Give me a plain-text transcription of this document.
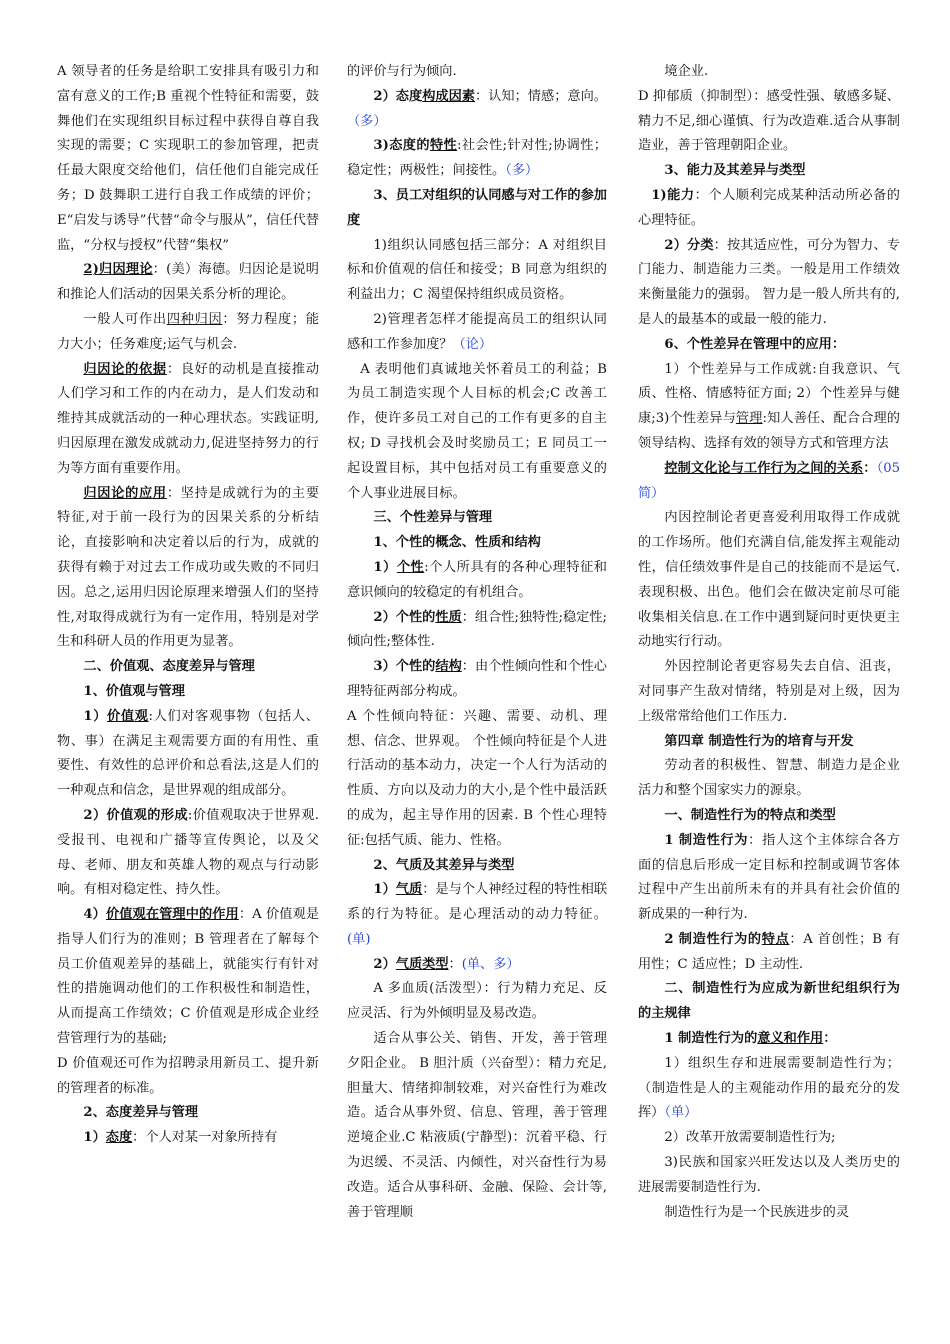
A 领导者的任务是给职工安排具有吸引力和富有意义的工作;B 重视个性特征和需要，鼓舞他们在实现组织目标过程中获得自尊自我实现的需要；C 实现职工的参加管理，把责任最大限度交给他们，信任他们自能完成任务；D 鼓舞职工进行自我工作成绩的评价；E“启发与诱导”代替“命令与服从”，信任代替监，“分权与授权”代替“集权”

2)归因理论：(美）海德。归因论是说明和推论人们活动的因果关系分析的理论。

一般人可作出四种归因：努力程度；能力大小；任务难度;运气与机会.

归因论的依据：良好的动机是直接推动人们学习和工作的内在动力，是人们发动和维持其成就活动的一种心理状态。实践证明,归因原理在激发成就动力,促进坚持努力的行为等方面有重要作用。

归因论的应用：坚持是成就行为的主要特征,对于前一段行为的因果关系的分析结论，直接影响和决定着以后的行为，成就的获得有赖于对过去工作成功或失败的不同归因。总之,运用归因论原理来增强人们的坚持性,对取得成就行为有一定作用，特别是对学生和科研人员的作用更为显著。

二、价值观、态度差异与管理

1、价值观与管理

1）价值观:人们对客观事物（包括人、物、事）在满足主观需要方面的有用性、重要性、有效性的总评价和总看法,这是人们的一种观点和信念，是世界观的组成部分。

2）价值观的形成:价值观取决于世界观.受报刊、电视和广播等宣传舆论，以及父母、老师、朋友和英雄人物的观点与行动影响。有相对稳定性、持久性。

4）价值观在管理中的作用：A 价值观是指导人们行为的准则；B 管理者在了解每个员工价值观差异的基础上，就能实行有针对性的措施调动他们的工作积极性和制造性，从而提高工作绩效；C 价值观是形成企业经营管理行为的基础;

D 价值观还可作为招聘录用新员工、提升新的管理者的标准。

2、态度差异与管理

1）态度：个人对某一对象所持有

的评价与行为倾向.

2）态度构成因素：认知；情感；意向。（多）

3)态度的特性:社会性;针对性;协调性；稳定性；两极性；间接性。（多）

3、员工对组织的认同感与对工作的参加度

1)组织认同感包括三部分：A 对组织目标和价值观的信任和接受；B 同意为组织的利益出力；C 渴望保持组织成员资格。

2)管理者怎样才能提高员工的组织认同感和工作参加度？（论）

A 表明他们真诚地关怀着员工的利益；B 为员工制造实现个人目标的机会;C 改善工作，使许多员工对自己的工作有更多的自主权; D 寻找机会及时奖励员工；E 同员工一起设置目标，其中包括对员工有重要意义的个人事业进展目标。

三、个性差异与管理

1、个性的概念、性质和结构

1）个性:个人所具有的各种心理特征和意识倾向的较稳定的有机组合。

2）个性的性质：组合性;独特性;稳定性;倾向性;整体性.

3）个性的结构：由个性倾向性和个性心理特征两部分构成。

A 个性倾向特征：兴趣、需要、动机、理想、信念、世界观。 个性倾向特征是个人进行活动的基本动力，决定一个人行为活动的性质、方向以及动力的大小,是个性中最活跃的成为，起主导作用的因素. B 个性心理特征:包括气质、能力、性格。

2、气质及其差异与类型

1）气质：是与个人神经过程的特性相联系的行为特征。是心理活动的动力特征。(单)

2）气质类型：(单、多）

A 多血质(活泼型）：行为精力充足、反应灵活、行为外倾明显及易改造。

适合从事公关、销售、开发，善于管理夕阳企业。 B 胆汁质（兴奋型）：精力充足,胆量大、情绪抑制较难，对兴奋性行为难改造。适合从事外贸、信息、管理，善于管理逆境企业.C 粘液质(宁静型)：沉着平稳、行为迟缓、不灵活、内倾性，对兴奋性行为易改造。适合从事科研、金融、保险、会计等,善于管理顺

境企业.

D 抑郁质（抑制型）：感受性强、敏感多疑、精力不足,细心谨慎、行为改造难.适合从事制造业，善于管理朝阳企业。

3、能力及其差异与类型

1)能力：个人顺利完成某种活动所必备的心理特征。

2）分类：按其适应性，可分为智力、专门能力、制造能力三类。一般是用工作绩效来衡量能力的强弱。 智力是一般人所共有的,是人的最基本的或最一般的能力.

6、个性差异在管理中的应用：

1）个性差异与工作成就:自我意识、气质、性格、情感特征方面; 2）个性差异与健康;3)个性差异与管理:知人善任、配合合理的领导结构、选择有效的领导方式和管理方法

控制文化论与工作行为之间的关系：（05 简）

内因控制论者更喜爱利用取得工作成就的工作场所。他们充满自信,能发挥主观能动性，信任绩效事件是自己的技能而不是运气.表现积极、出色。他们会在做决定前尽可能收集相关信息.在工作中遇到疑问时更快更主动地实行行动。

外因控制论者更容易失去自信、沮丧，对同事产生敌对情绪，特别是对上级，因为上级常常给他们工作压力.

第四章 制造性行为的培育与开发

劳动者的积极性、智慧、制造力是企业活力和整个国家实力的源泉。

一、制造性行为的特点和类型

1 制造性行为：指人这个主体综合各方面的信息后形成一定目标和控制或调节客体过程中产生出前所未有的并具有社会价值的新成果的一种行为.

2 制造性行为的特点：A 首创性；B 有用性；C 适应性；D 主动性.

二、制造性行为应成为新世纪组织行为的主规律

1 制造性行为的意义和作用：

1）组织生存和进展需要制造性行为；（制造性是人的主观能动作用的最充分的发挥）（单）

2）改革开放需要制造性行为;

3)民族和国家兴旺发达以及人类历史的进展需要制造性行为.

制造性行为是一个民族进步的灵
